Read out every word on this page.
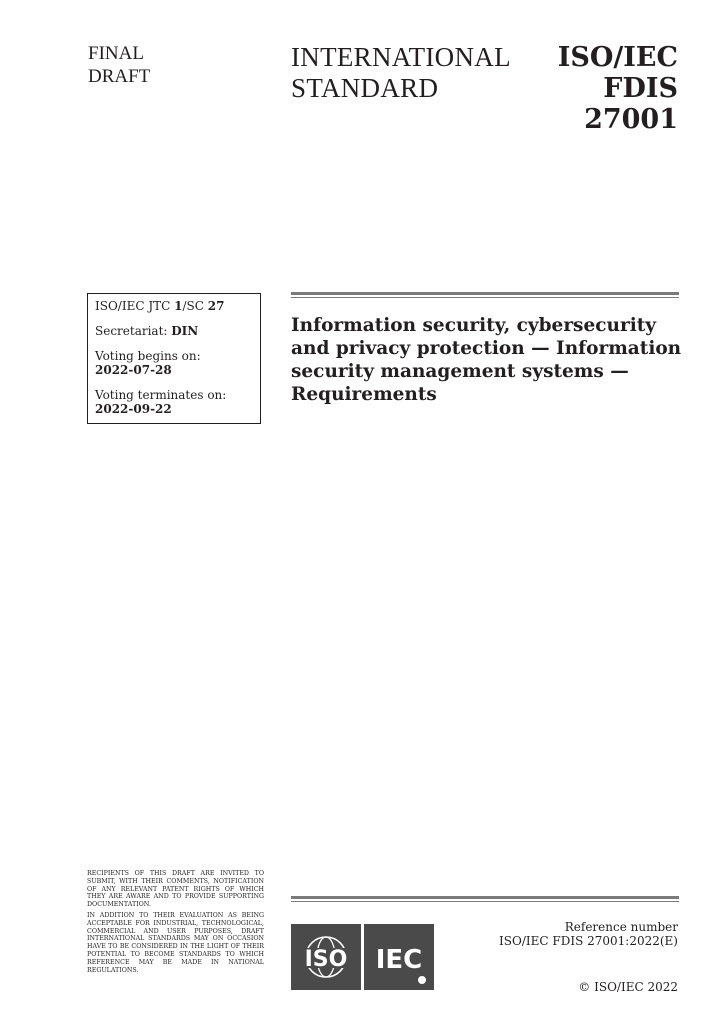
FINAL
DRAFT
INTERNATIONAL
STANDARD
ISO/IEC
FDIS
27001
ISO/IEC JTC 1/SC 27
Secretariat: DIN
Voting begins on:
2022-07-28
Voting terminates on:
2022-09-22
Information security, cybersecurity
and privacy protection — Information
security management systems —
Requirements

RECIPIENTS OF THIS DRAFT ARE INVITED TO SUBMIT, WITH THEIR COMMENTS, NOTIFICATION OF ANY RELEVANT PATENT RIGHTS OF WHICH THEY ARE AWARE AND TO PROVIDE SUPPORTING DOCUMENTATION.

IN ADDITION TO THEIR EVALUATION AS BEING ACCEPTABLE FOR INDUSTRIAL, TECHNOLOGICAL, COMMERCIAL AND USER PURPOSES, DRAFT INTERNATIONAL STANDARDS MAY ON OCCASION HAVE TO BE CONSIDERED IN THE LIGHT OF THEIR POTENTIAL TO BECOME STANDARDS TO WHICH REFERENCE MAY BE MADE IN NATIONAL REGULATIONS.	ISO IEC
Reference number
ISO/IEC FDIS 27001:2022(E)
© ISO/IEC 2022
